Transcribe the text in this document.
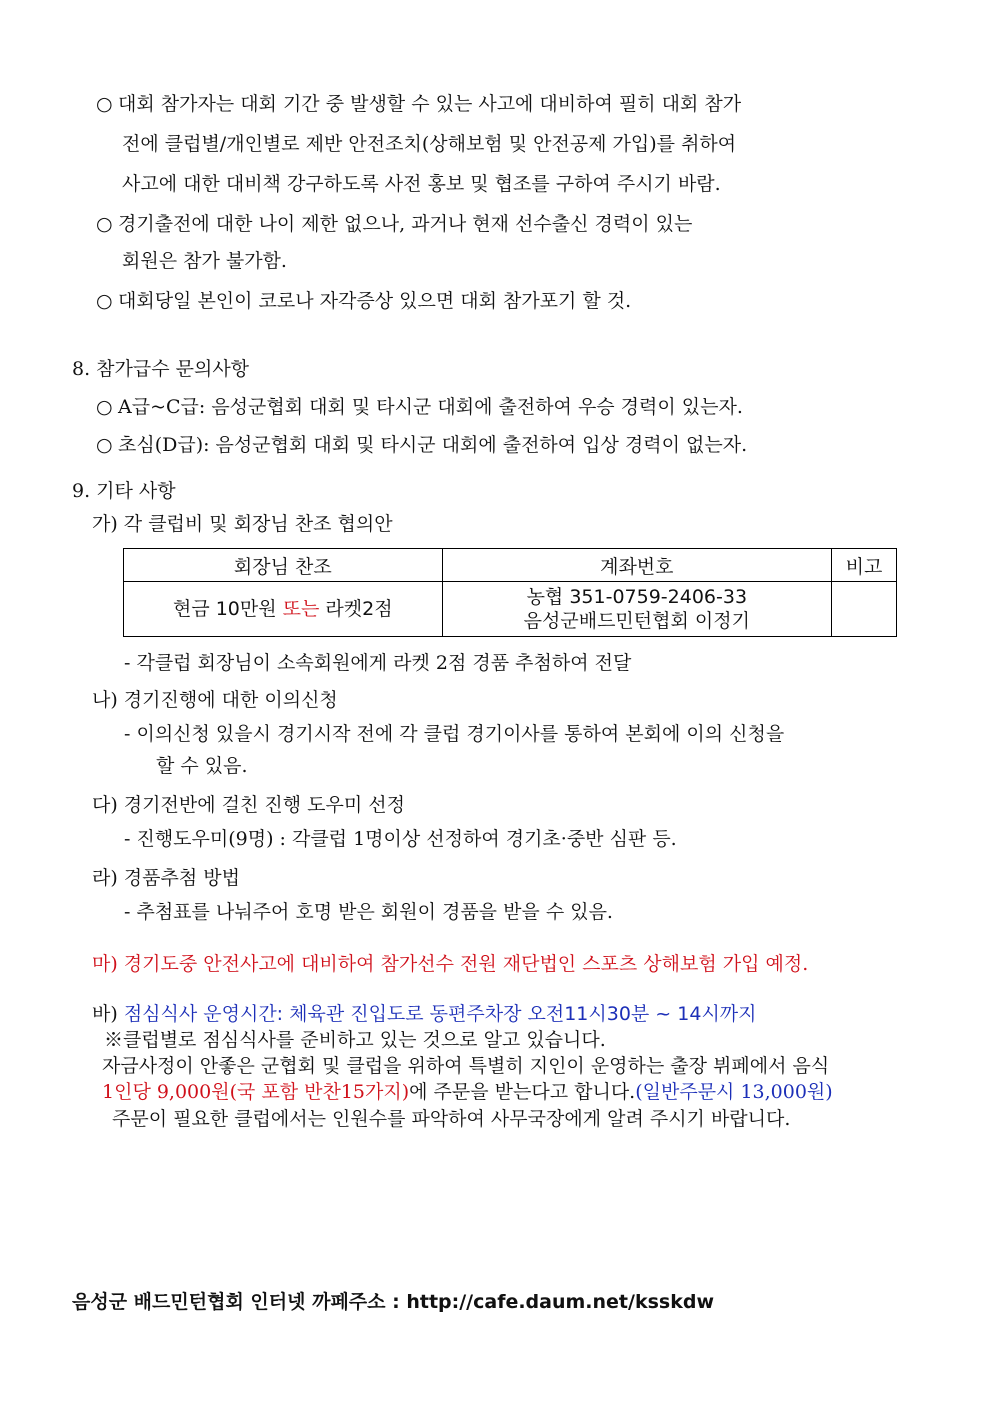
○ 대회 참가자는 대회 기간 중 발생할 수 있는 사고에 대비하여 필히 대회 참가
전에 클럽별/개인별로 제반 안전조치(상해보험 및 안전공제 가입)를 취하여
사고에 대한 대비책 강구하도록 사전 홍보 및 협조를 구하여 주시기 바람.
○ 경기출전에 대한 나이 제한 없으나, 과거나 현재 선수출신 경력이 있는
회원은 참가 불가함.
○ 대회당일 본인이 코로나 자각증상 있으면 대회 참가포기 할 것.
8. 참가급수 문의사항
○ A급~C급: 음성군협회 대회 및 타시군 대회에 출전하여 우승 경력이 있는자.
○ 초심(D급): 음성군협회 대회 및 타시군 대회에 출전하여 입상 경력이 없는자.
9. 기타 사항
가) 각 클럽비 및 회장님 찬조 협의안
회장님 찬조	계좌번호	비고
현금 10만원 또는 라켓2점	농협 351-0759-2406-33
음성군배드민턴협회 이정기	

- 각클럽 회장님이 소속회원에게 라켓 2점 경품 추첨하여 전달
나) 경기진행에 대한 이의신청
- 이의신청 있을시 경기시작 전에 각 클럽 경기이사를 통하여 본회에 이의 신청을
할 수 있음.
다) 경기전반에 걸친 진행 도우미 선정
- 진행도우미(9명) : 각클럽 1명이상 선정하여 경기초·중반 심판 등.
라) 경품추첨 방법
- 추첨표를 나눠주어 호명 받은 회원이 경품을 받을 수 있음.
마) 경기도중 안전사고에 대비하여 참가선수 전원 재단법인 스포츠 상해보험 가입 예정.
바) 점심식사 운영시간: 체육관 진입도로 동편주차장 오전11시30분 ~ 14시까지
※클럽별로 점심식사를 준비하고 있는 것으로 알고 있습니다.
자금사정이 안좋은 군협회 및 클럽을 위하여 특별히 지인이 운영하는 출장 뷔페에서 음식
1인당 9,000원(국 포함 반찬15가지)에 주문을 받는다고 합니다.(일반주문시 13,000원)
주문이 필요한 클럽에서는 인원수를 파악하여 사무국장에게 알려 주시기 바랍니다.
음성군 배드민턴협회 인터넷 까페주소 : http://cafe.daum.net/ksskdw
